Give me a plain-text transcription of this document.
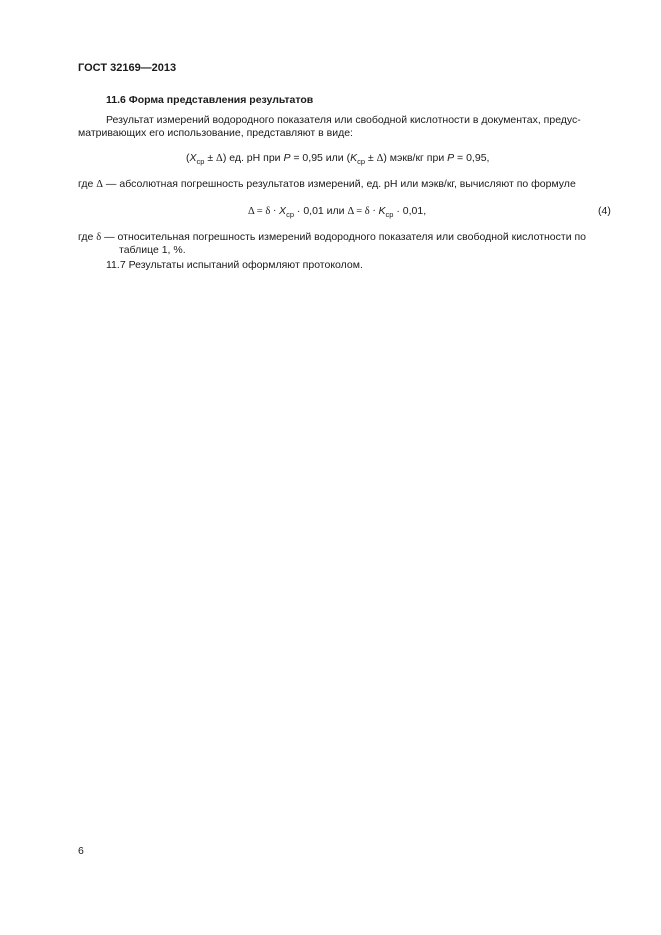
ГОСТ 32169—2013
11.6 Форма представления результатов
Результат измерений водородного показателя или свободной кислотности в документах, предус-
матривающих его использование, представляют в виде:
$(X_{ср} \pm \Delta)$ ед. рН при P = 0,95 или $(K_{ср} \pm \Delta)$ мэкв/кг при P = 0,95,
где Δ — абсолютная погрешность результатов измерений, ед. рН или мэкв/кг, вычисляют по формуле
$\Delta = \delta \cdot X_{ср} \cdot 0,01$ или $\Delta = \delta \cdot K_{ср} \cdot 0,01$,	(4)
где δ — относительная погрешность измерений водородного показателя или свободной кислотности по
таблице 1, %.
11.7 Результаты испытаний оформляют протоколом.
6
